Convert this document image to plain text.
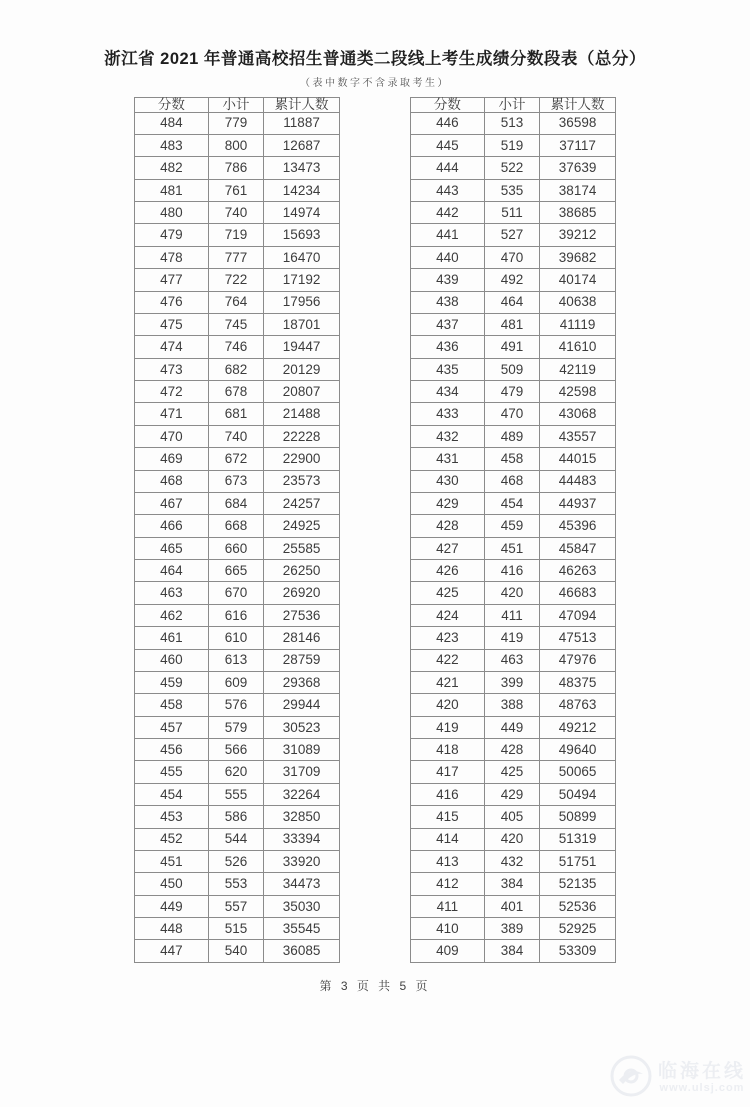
浙江省 2021 年普通高校招生普通类二段线上考生成绩分数段表（总分）
（表中数字不含录取考生）
分数	小计	累计人数
484	779	11887
483	800	12687
482	786	13473
481	761	14234
480	740	14974
479	719	15693
478	777	16470
477	722	17192
476	764	17956
475	745	18701
474	746	19447
473	682	20129
472	678	20807
471	681	21488
470	740	22228
469	672	22900
468	673	23573
467	684	24257
466	668	24925
465	660	25585
464	665	26250
463	670	26920
462	616	27536
461	610	28146
460	613	28759
459	609	29368
458	576	29944
457	579	30523
456	566	31089
455	620	31709
454	555	32264
453	586	32850
452	544	33394
451	526	33920
450	553	34473
449	557	35030
448	515	35545
447	540	36085
分数	小计	累计人数
446	513	36598
445	519	37117
444	522	37639
443	535	38174
442	511	38685
441	527	39212
440	470	39682
439	492	40174
438	464	40638
437	481	41119
436	491	41610
435	509	42119
434	479	42598
433	470	43068
432	489	43557
431	458	44015
430	468	44483
429	454	44937
428	459	45396
427	451	45847
426	416	46263
425	420	46683
424	411	47094
423	419	47513
422	463	47976
421	399	48375
420	388	48763
419	449	49212
418	428	49640
417	425	50065
416	429	50494
415	405	50899
414	420	51319
413	432	51751
412	384	52135
411	401	52536
410	389	52925
409	384	53309
第 3 页 共 5 页
临海在线
www.ulsj.com
